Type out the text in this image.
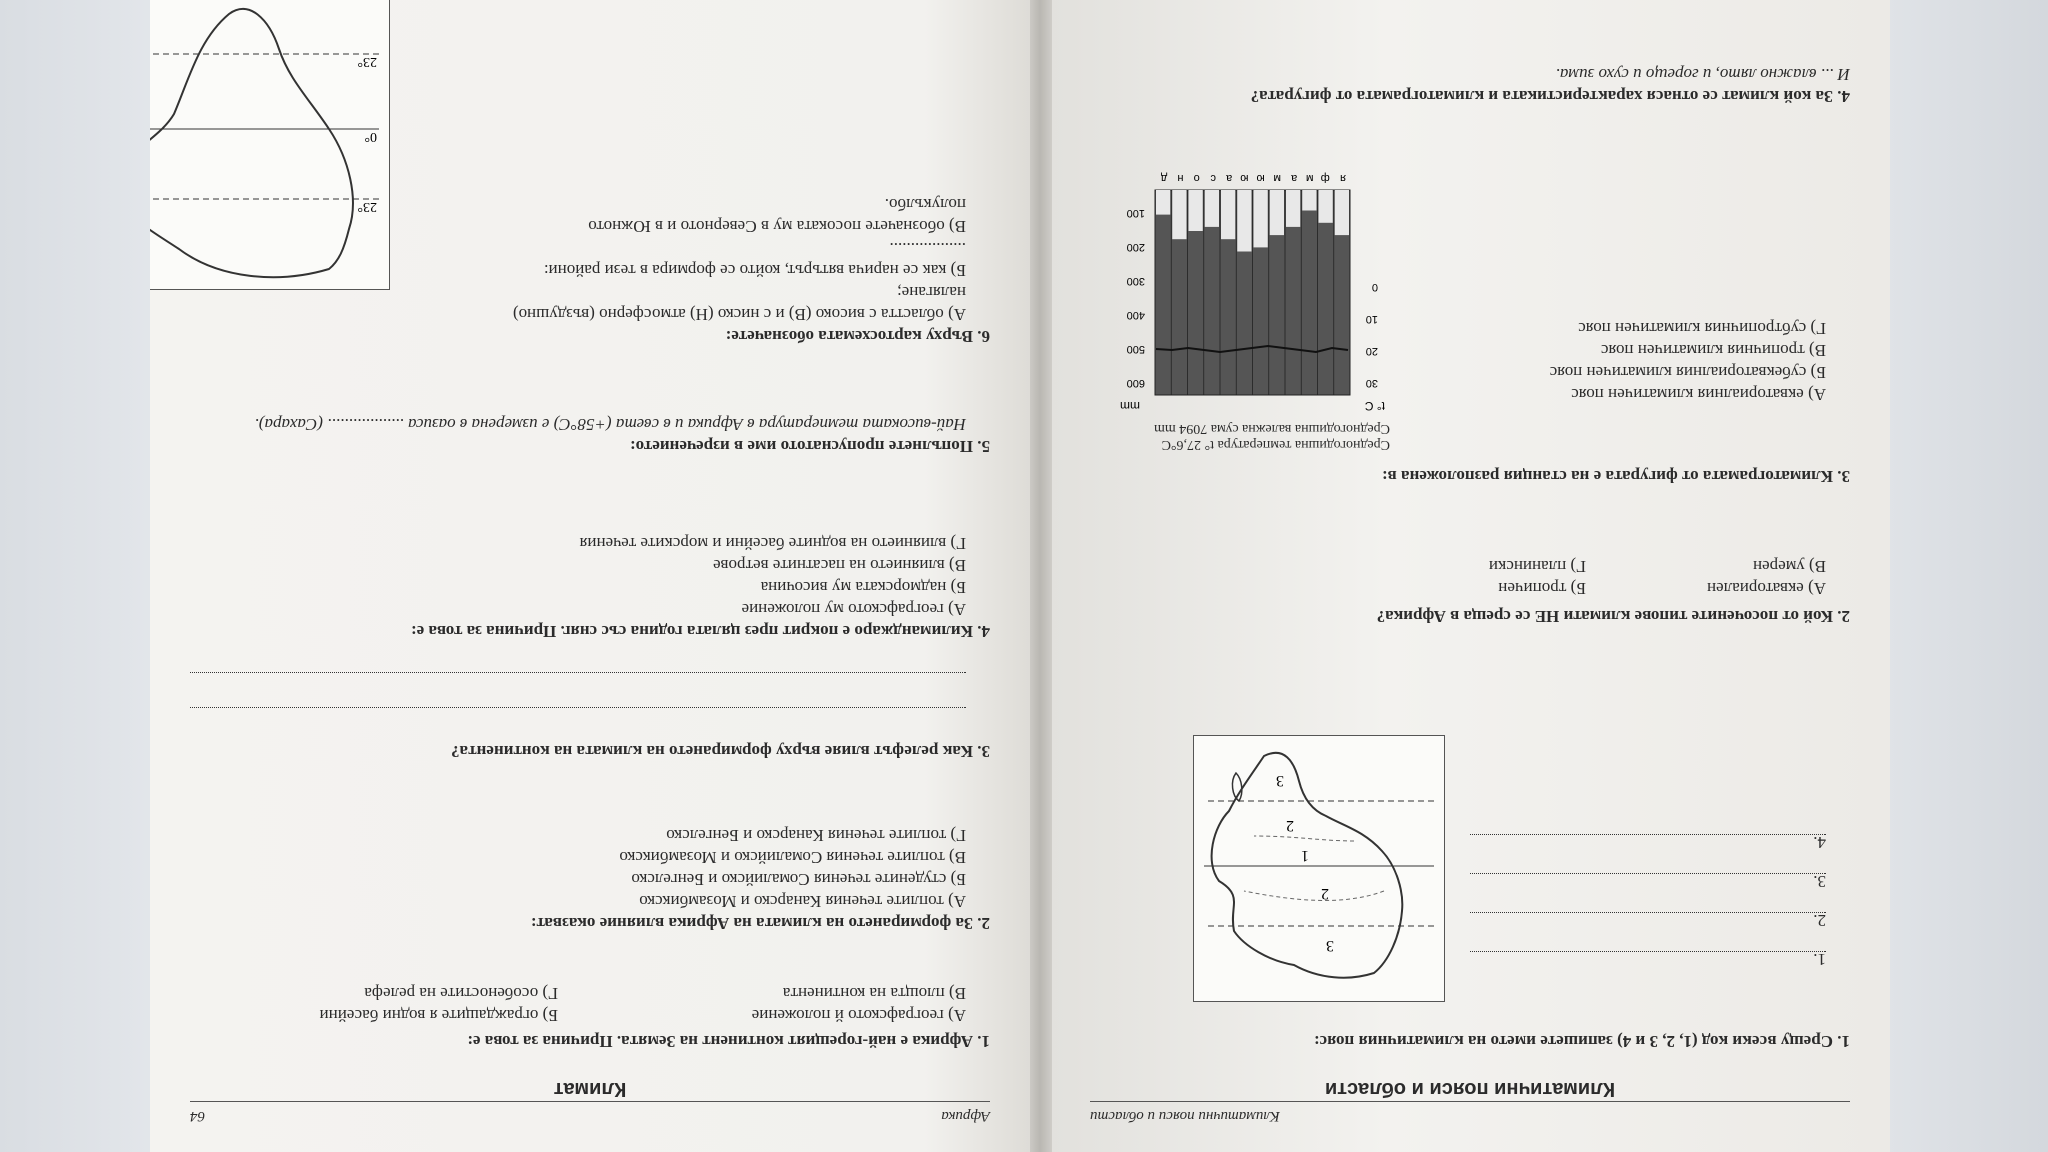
Климатични пояси и области
Климатични пояси и области
1. Срещу всеки код (1, 2, 3 и 4) запишете името на климатичния пояс:
1.
2.
3.
4.
3
2
1
2
3
2. Кой от посочените типове климати НЕ се среща в Африка?
А) екваториален
Б) тропичен
В) умерен
Г) планински
3. Климатограмата от фигурата е на станция разположена в:
А) екваториалния климатичен пояс
Б) субекваториалния климатичен пояс
В) тропичния климатичен пояс
Г) субтропичния климатичен пояс
Средногодишна температура t° 27,6°С
Средногодишна валежна сума 7094 mm
t° C
mm
я
ф
м
а
м
ю
ю
а
с
о
н
д
30
20
10
0
600
500
400
300
200
100
4. За кой климат се отнася характеристиката и климатограмата от фигурата?
И ... влажно лято, и горещо и сухо зима.
Африка
64
Климат
1. Африка е най-горещият континент на Земята. Причина за това е:
А) географското й положение
Б) ограждащите я водни басейни
В) площта на континента
Г) особеностите на релефа
2. За формирането на климата на Африка влияние оказват:
А) топлите течения Канарско и Мозамбикско
Б) студените течения Сомалийско и Бенгелско
В) топлите течения Сомалийско и Мозамбикско
Г) топлите течения Канарско и Бенгелско
3. Как релефът влияе върху формирането на климата на континента?
4. Килиманджаро е покрит през цялата година със сняг. Причина за това е:
А) географското му положение
Б) надморската му височина
В) влиянието на пасатните ветрове
Г) влиянието на водните басейни и морските течения
5. Попълнете пропуснатото име в изречението:
Най-високата температура в Африка и в света (+58°С) е измерена в оазиса .................. (Сахара).
6. Върху картосхемата обозначете:
А) областта с високо (В) и с ниско (Н) атмосферно (въздушно) налягане;
Б) как се нарича вятърът, който се формира в тези райони: ..................
В) обозначете посоката му в Северното и в Южното полукълбо.
23°
0°
23°
